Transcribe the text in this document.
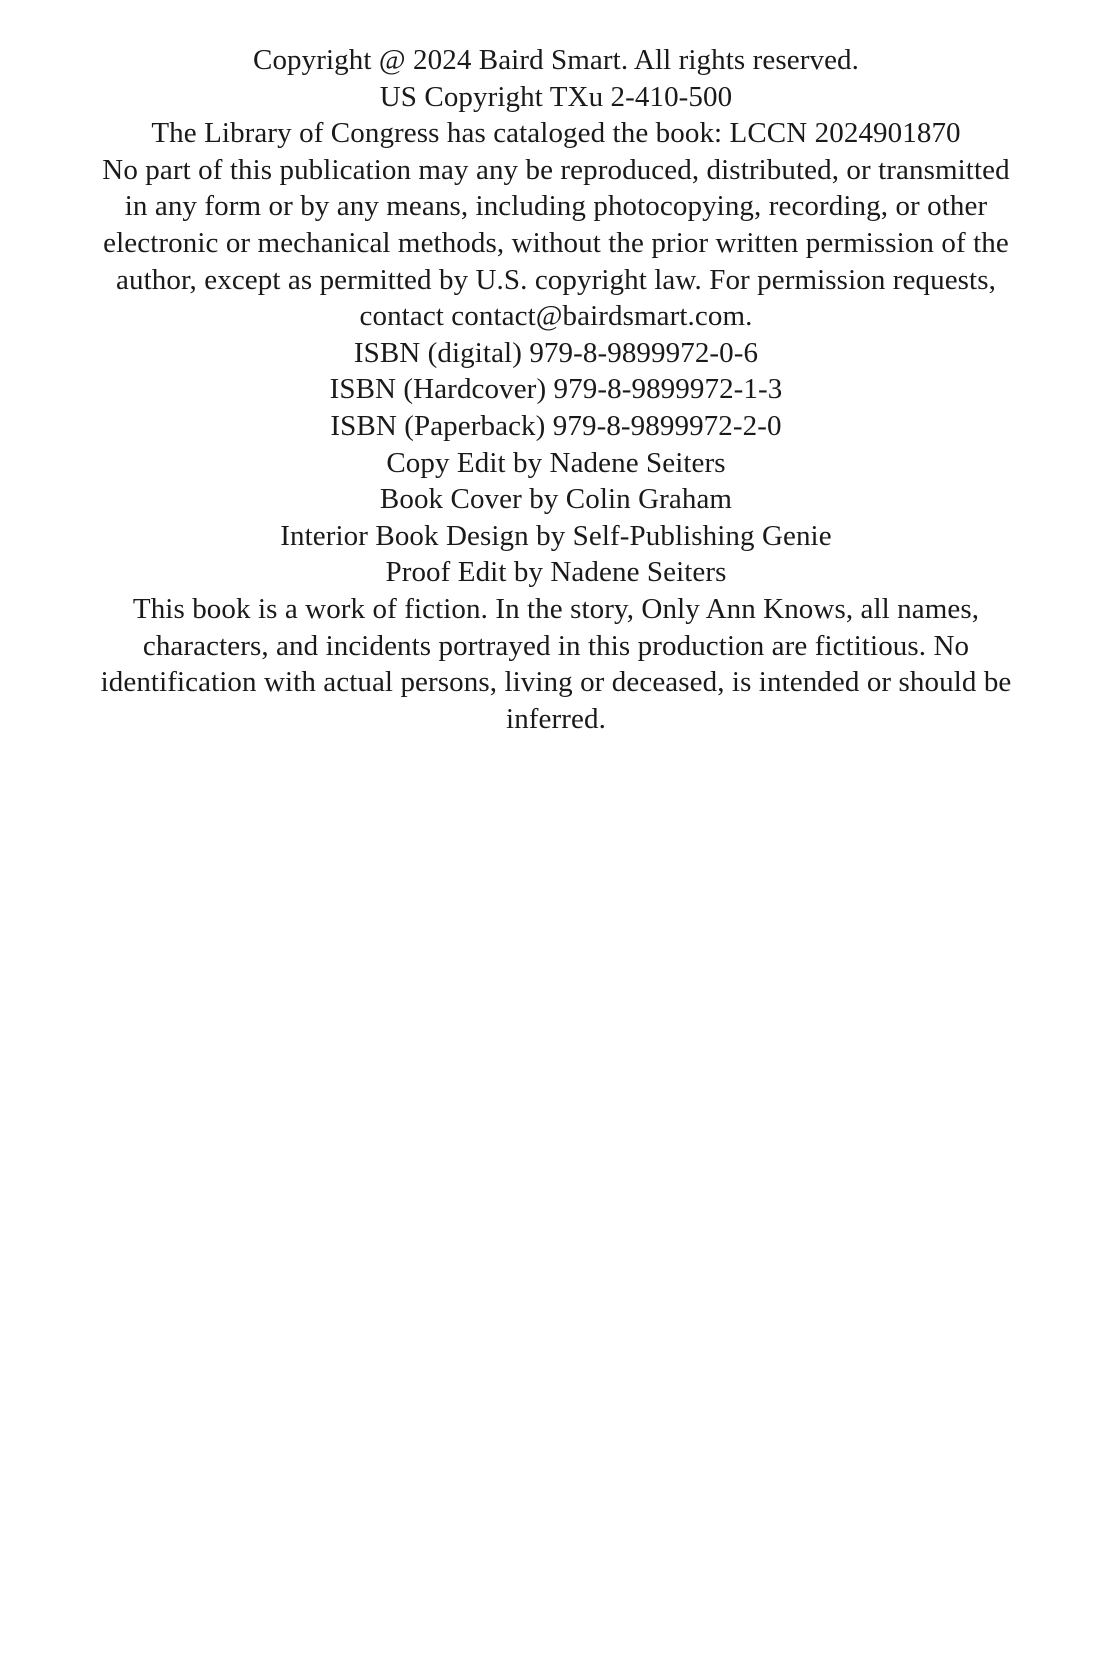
Copyright @ 2024 Baird Smart. All rights reserved.

US Copyright TXu 2-410-500

The Library of Congress has cataloged the book: LCCN 2024901870

No part of this publication may any be reproduced, distributed, or transmitted in any form or by any means, including photocopying, recording, or other electronic or mechanical methods, without the prior written permission of the author, except as permitted by U.S. copyright law. For permission requests, contact contact@bairdsmart.com.

ISBN (digital) 979-8-9899972-0-6

ISBN (Hardcover) 979-8-9899972-1-3

ISBN (Paperback) 979-8-9899972-2-0

Copy Edit by Nadene Seiters

Book Cover by Colin Graham

Interior Book Design by Self-Publishing Genie

Proof Edit by Nadene Seiters

This book is a work of fiction. In the story, Only Ann Knows, all names, characters, and incidents portrayed in this production are fictitious. No identification with actual persons, living or deceased, is intended or should be inferred.
